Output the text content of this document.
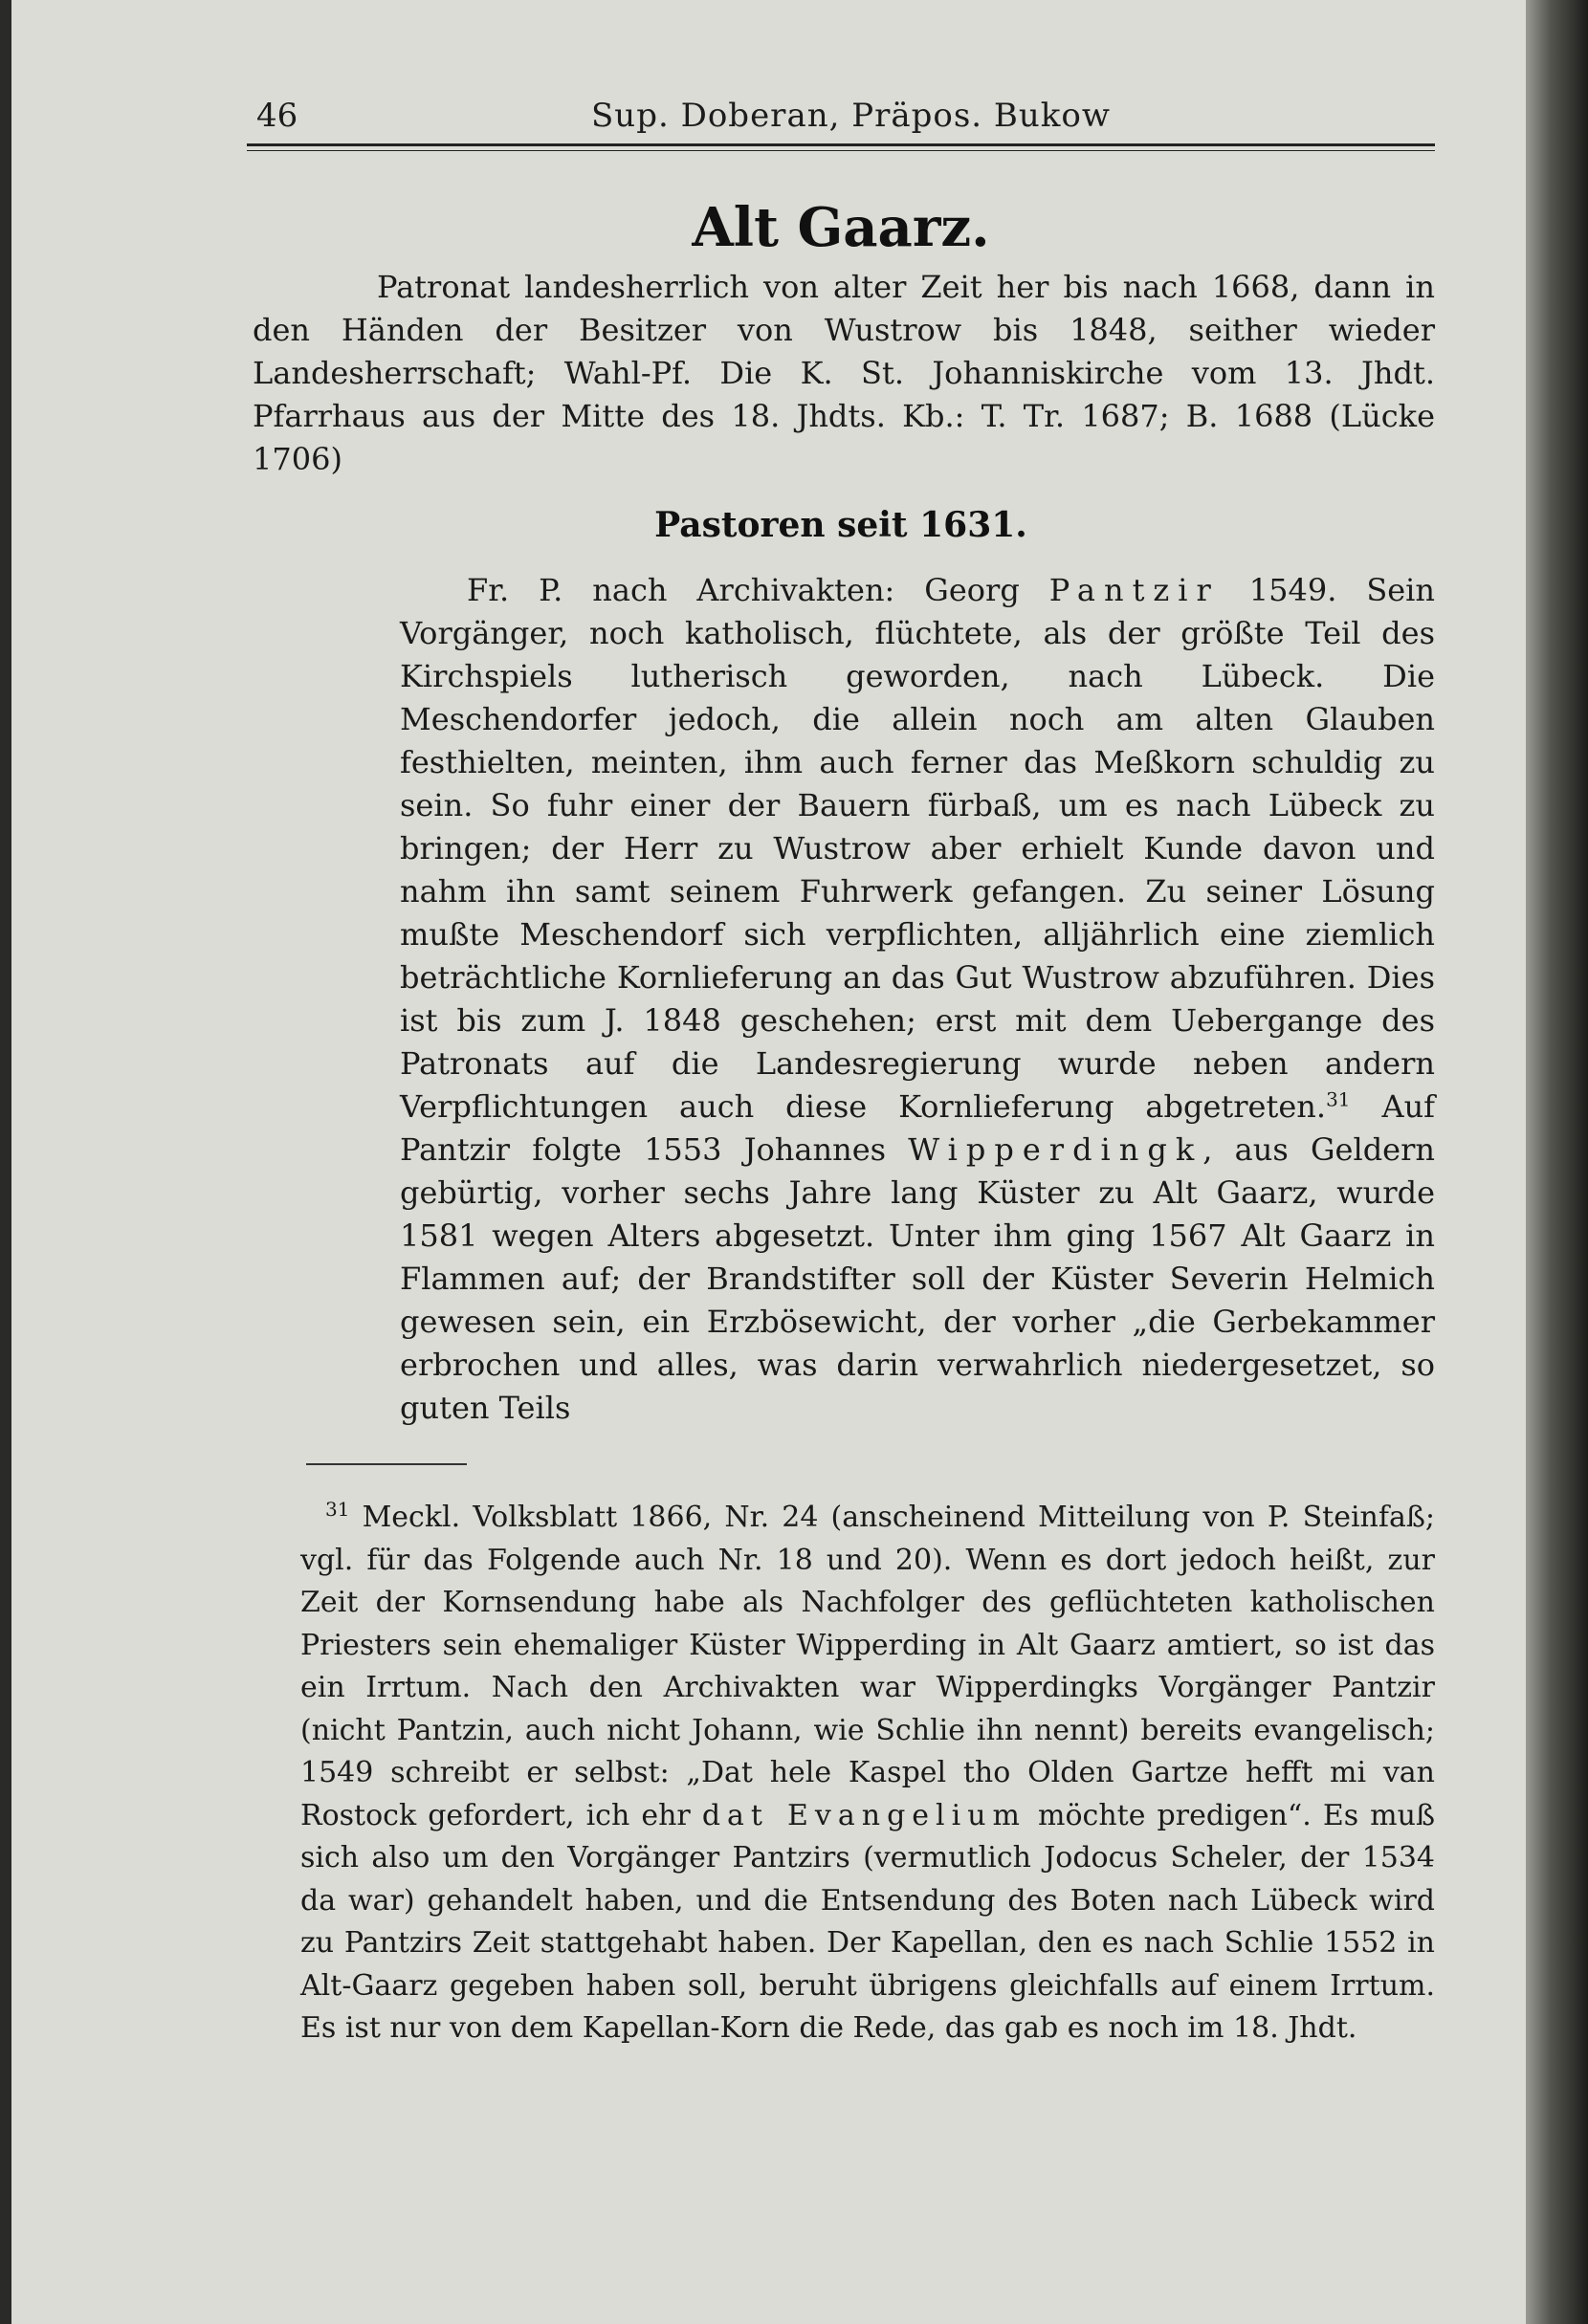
46	Sup. Doberan, Präpos. Bukow
Alt Gaarz.

Patronat landesherrlich von alter Zeit her bis nach 1668, dann in den Händen der Besitzer von Wustrow bis 1848, seither wieder Landesherrschaft; Wahl-Pf. Die K. St. Johanniskirche vom 13. Jhdt. Pfarrhaus aus der Mitte des 18. Jhdts. Kb.: T. Tr. 1687; B. 1688 (Lücke 1706)

Pastoren seit 1631.

Fr. P. nach Archivakten: Georg Pantzir 1549. Sein Vorgänger, noch katholisch, flüchtete, als der größte Teil des Kirchspiels lutherisch geworden, nach Lübeck. Die Meschendorfer jedoch, die allein noch am alten Glauben festhielten, meinten, ihm auch ferner das Meßkorn schuldig zu sein. So fuhr einer der Bauern fürbaß, um es nach Lübeck zu bringen; der Herr zu Wustrow aber erhielt Kunde davon und nahm ihn samt seinem Fuhrwerk gefangen. Zu seiner Lösung mußte Meschendorf sich verpflichten, alljährlich eine ziemlich beträchtliche Kornlieferung an das Gut Wustrow abzuführen. Dies ist bis zum J. 1848 geschehen; erst mit dem Uebergange des Patronats auf die Landesregierung wurde neben andern Verpflichtungen auch diese Kornlieferung abgetreten.$^{31}$ Auf Pantzir folgte 1553 Johannes Wipperdingk, aus Geldern gebürtig, vorher sechs Jahre lang Küster zu Alt Gaarz, wurde 1581 wegen Alters abgesetzt. Unter ihm ging 1567 Alt Gaarz in Flammen auf; der Brandstifter soll der Küster Severin Helmich gewesen sein, ein Erzbösewicht, der vorher „die Gerbekammer erbrochen und alles, was darin verwahrlich niedergesetzet, so guten Teils

$^{31}$ Meckl. Volksblatt 1866, Nr. 24 (anscheinend Mitteilung von P. Steinfaß; vgl. für das Folgende auch Nr. 18 und 20). Wenn es dort jedoch heißt, zur Zeit der Kornsendung habe als Nachfolger des geflüchteten katholischen Priesters sein ehemaliger Küster Wipperding in Alt Gaarz amtiert, so ist das ein Irrtum. Nach den Archivakten war Wipperdingks Vorgänger Pantzir (nicht Pantzin, auch nicht Johann, wie Schlie ihn nennt) bereits evangelisch; 1549 schreibt er selbst: „Dat hele Kaspel tho Olden Gartze hefft mi van Rostock gefordert, ich ehr dat Evangelium möchte predigen“. Es muß sich also um den Vorgänger Pantzirs (vermutlich Jodocus Scheler, der 1534 da war) gehandelt haben, und die Entsendung des Boten nach Lübeck wird zu Pantzirs Zeit stattgehabt haben. Der Kapellan, den es nach Schlie 1552 in Alt-Gaarz gegeben haben soll, beruht übrigens gleichfalls auf einem Irrtum. Es ist nur von dem Kapellan-Korn die Rede, das gab es noch im 18. Jhdt.
